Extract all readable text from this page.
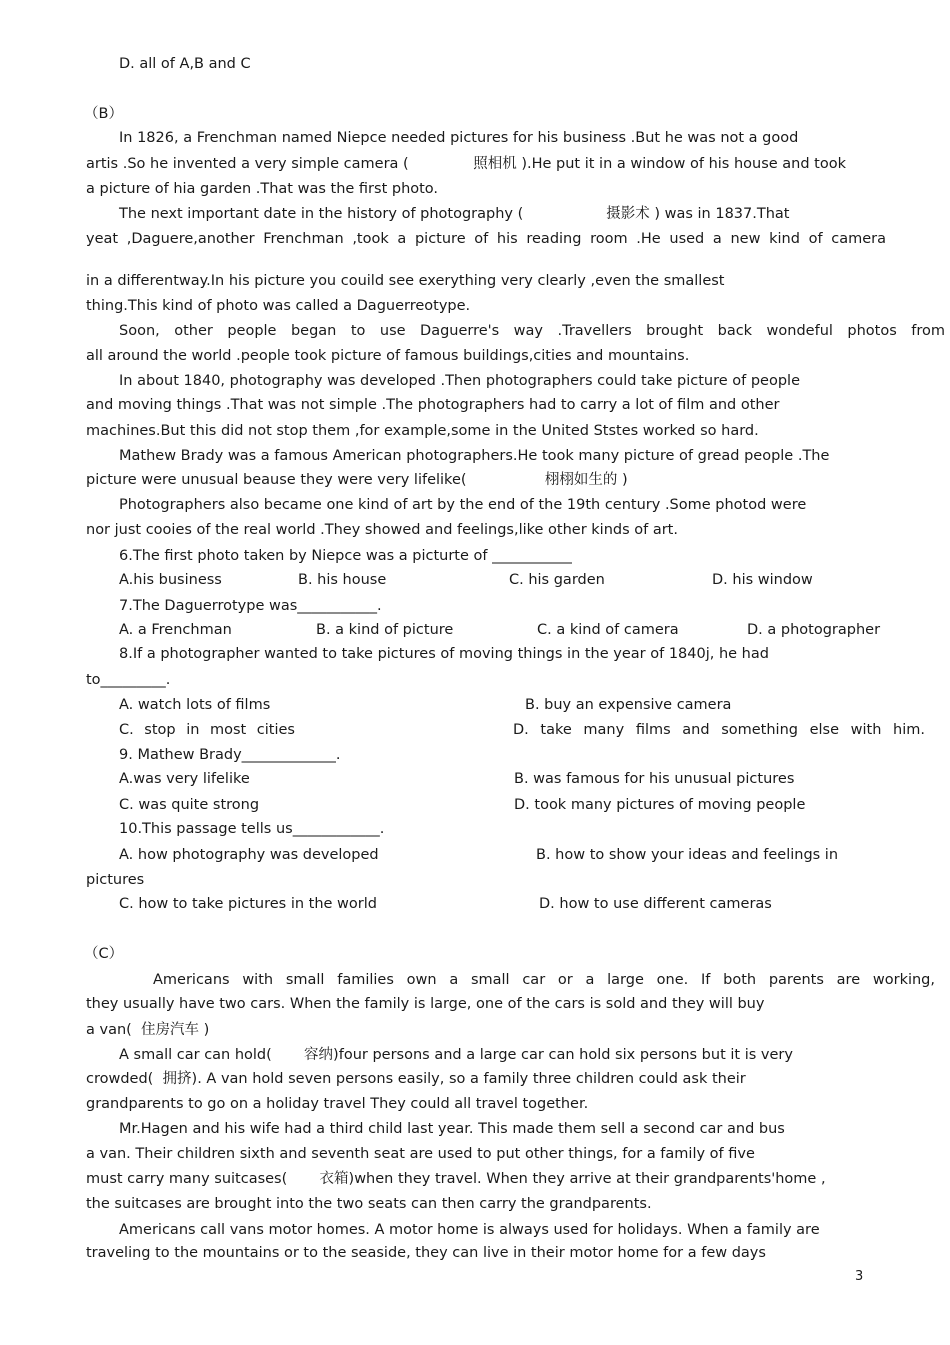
D. all of A,B and C
（B）
In 1826, a Frenchman named Niepce needed pictures for his business .But he was not a good
artis .So he invented a very simple camera (              照相机 ).He put it in a window of his house and took
a picture of hia garden .That was the first photo.
The next important date in the history of photography (                  摄影术 ) was in 1837.That
yeat ,Daguere,another Frenchman ,took a picture of his reading room .He used a new kind of camera
in a differentway.In his picture you couild see exerything very clearly ,even the smallest
thing.This kind of photo was called a Daguerreotype.
Soon, other people began to use Daguerre's way .Travellers brought back wondeful photos from
all around the world .people took picture of famous buildings,cities and mountains.
In about 1840, photography was developed .Then photographers could take picture of people
and moving things .That was not simple .The photographers had to carry a lot of film and other
machines.But this did not stop them ,for example,some in the United Ststes worked so hard.
Mathew Brady was a famous American photographers.He took many picture of gread people .The
picture were unusual beause they were very lifelike(                 栩栩如生的 )
Photographers also became one kind of art by the end of the 19th century .Some photod were
nor just cooies of the real world .They showed and feelings,like other kinds of art.
6.The first photo taken by Niepce was a picturte of ___________
A.his business	B. his house	C. his garden	D. his window
7.The Daguerrotype was___________.
A. a Frenchman	B. a kind of picture	C. a kind of camera	D. a photographer
8.If a photographer wanted to take pictures of moving things in the year of 1840j, he had
to_________.
A. watch lots of films	B. buy an expensive camera
C. stop in most cities	D. take many films and something else with him.
9. Mathew Brady_____________.
A.was very lifelike	B. was famous for his unusual pictures
C. was quite strong	D. took many pictures of moving people
10.This passage tells us____________.
A. how photography was developed	B. how to show your ideas and feelings in
pictures
C. how to take pictures in the world	D. how to use different cameras
（C）
Americans with small families own a small car or a large one. If both parents are working,
they usually have two cars. When the family is large, one of the cars is sold and they will buy
a van(  住房汽车 )
A small car can hold(       容纳)four persons and a large car can hold six persons but it is very
crowded(  拥挤). A van hold seven persons easily, so a family three children could ask their
grandparents to go on a holiday travel They could all travel together.
Mr.Hagen and his wife had a third child last year. This made them sell a second car and bus
a van. Their children sixth and seventh seat are used to put other things, for a family of five
must carry many suitcases(       衣箱)when they travel. When they arrive at their grandparents'home ,
the suitcases are brought into the two seats can then carry the grandparents.
Americans call vans motor homes. A motor home is always used for holidays. When a family are
traveling to the mountains or to the seaside, they can live in their motor home for a few days
3
